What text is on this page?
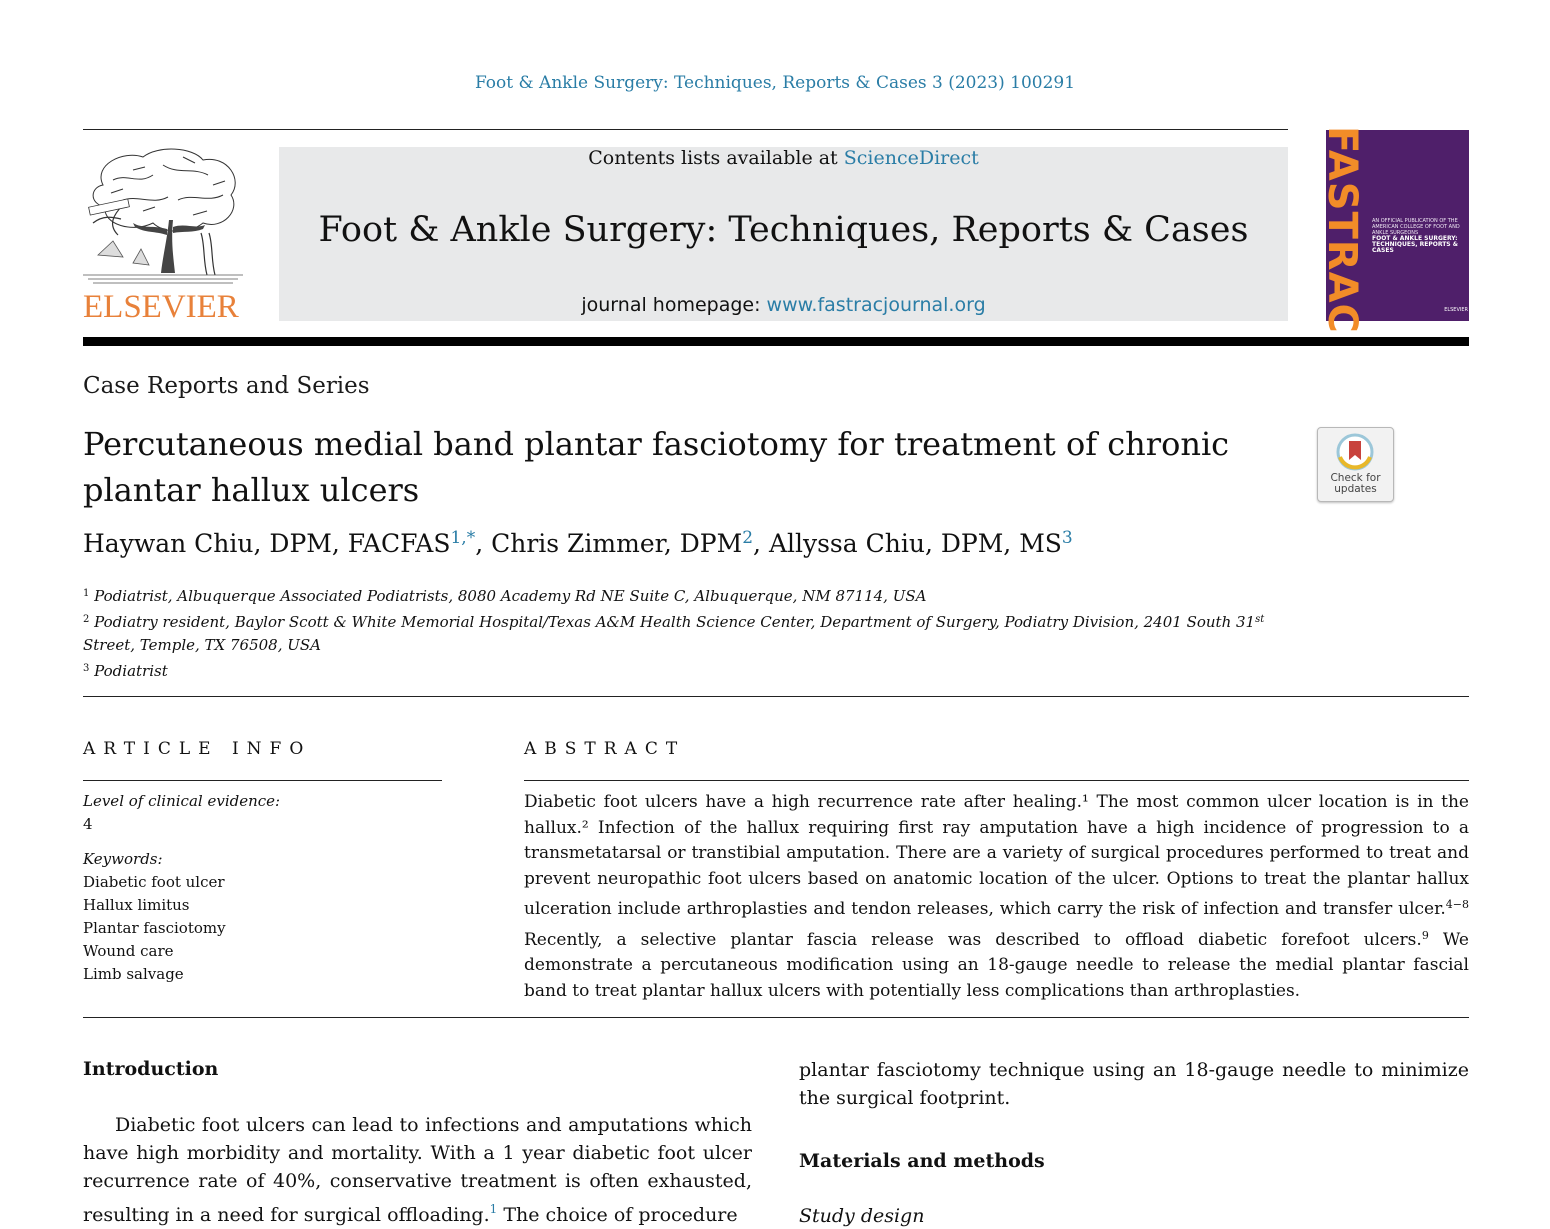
Foot & Ankle Surgery: Techniques, Reports & Cases 3 (2023) 100291
ELSEVIER
Contents lists available at ScienceDirect
Foot & Ankle Surgery: Techniques, Reports & Cases
journal homepage: www.fastracjournal.org	FASTRAC AN OFFICIAL PUBLICATION OF THE AMERICAN COLLEGE OF FOOT AND ANKLE SURGEONS
FOOT & ANKLE SURGERY:
TECHNIQUES, REPORTS & CASES
ELSEVIER
Case Reports and Series
Percutaneous medial band plantar fasciotomy for treatment of chronic plantar hallux ulcers	Check for
updates
Haywan Chiu, DPM, $FACFAS^{1,*}$, Chris Zimmer, DPM$^2$, Allyssa Chiu, DPM, $MS^3$
$^1$ Podiatrist, Albuquerque Associated Podiatrists, 8080 Academy Rd NE Suite C, Albuquerque, NM 87114, USA
$^2$ Podiatry resident, Baylor Scott & White Memorial Hospital/Texas A&M Health Science Center, Department of Surgery, Podiatry Division, 2401 South 31st Street, Temple, TX 76508, USA
$^3$ Podiatrist
ARTICLE INFO	ABSTRACT
Level of clinical evidence:
4
Keywords:
Diabetic foot ulcer
Hallux limitus
Plantar fasciotomy
Wound care
Limb salvage
Diabetic foot ulcers have a high recurrence rate after healing.¹ The most common ulcer location is in the hallux.² Infection of the hallux requiring first ray amputation have a high incidence of progression to a transmetatarsal or transtibial amputation. There are a variety of surgical procedures performed to treat and prevent neuropathic foot ulcers based on anatomic location of the ulcer. Options to treat the plantar hallux ulceration include arthroplasties and tendon releases, which carry the risk of infection and transfer ulcer.$^{4-8}$ Recently, a selective plantar fascia release was described to offload diabetic forefoot ulcers.$^9$ We demonstrate a percutaneous modification using an 18-gauge needle to release the medial plantar fascial band to treat plantar hallux ulcers with potentially less complications than arthroplasties.
Introduction
Diabetic foot ulcers can lead to infections and amputations which have high morbidity and mortality. With a 1 year diabetic foot ulcer recurrence rate of 40%, conservative treatment is often exhausted, resulting in a need for surgical offloading.$^1$ The choice of procedure
plantar fasciotomy technique using an 18-gauge needle to minimize the surgical footprint.
Materials and methods
Study design
